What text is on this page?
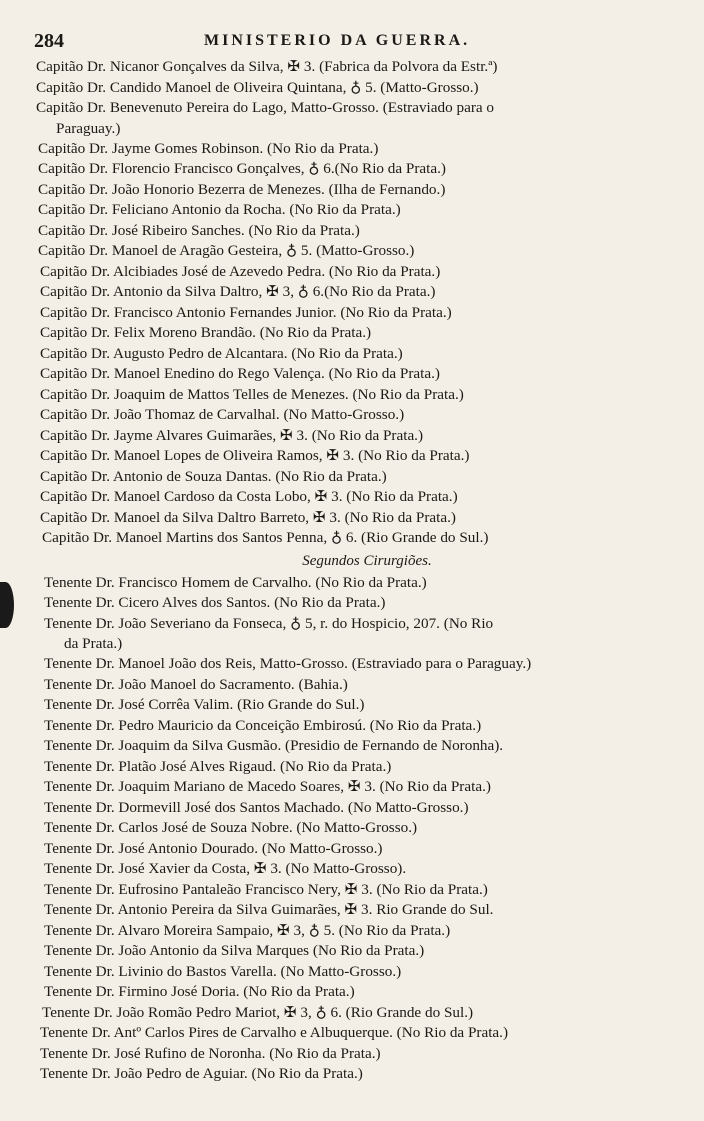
284	MINISTERIO DA GUERRA.
Capitão Dr. Nicanor Gonçalves da Silva, ✠ 3. (Fabrica da Polvora da Estr.ª)
Capitão Dr. Candido Manoel de Oliveira Quintana, ♁ 5. (Matto-Grosso.)
Capitão Dr. Benevenuto Pereira do Lago, Matto-Grosso. (Estraviado para o
Paraguay.)
Capitão Dr. Jayme Gomes Robinson. (No Rio da Prata.)
Capitão Dr. Florencio Francisco Gonçalves, ♁ 6.(No Rio da Prata.)
Capitão Dr. João Honorio Bezerra de Menezes. (Ilha de Fernando.)
Capitão Dr. Feliciano Antonio da Rocha. (No Rio da Prata.)
Capitão Dr. José Ribeiro Sanches. (No Rio da Prata.)
Capitão Dr. Manoel de Aragão Gesteira, ♁ 5. (Matto-Grosso.)
Capitão Dr. Alcibiades José de Azevedo Pedra. (No Rio da Prata.)
Capitão Dr. Antonio da Silva Daltro, ✠ 3, ♁ 6.(No Rio da Prata.)
Capitão Dr. Francisco Antonio Fernandes Junior. (No Rio da Prata.)
Capitão Dr. Felix Moreno Brandão. (No Rio da Prata.)
Capitão Dr. Augusto Pedro de Alcantara. (No Rio da Prata.)
Capitão Dr. Manoel Enedino do Rego Valença. (No Rio da Prata.)
Capitão Dr. Joaquim de Mattos Telles de Menezes. (No Rio da Prata.)
Capitão Dr. João Thomaz de Carvalhal. (No Matto-Grosso.)
Capitão Dr. Jayme Alvares Guimarães, ✠ 3. (No Rio da Prata.)
Capitão Dr. Manoel Lopes de Oliveira Ramos, ✠ 3. (No Rio da Prata.)
Capitão Dr. Antonio de Souza Dantas. (No Rio da Prata.)
Capitão Dr. Manoel Cardoso da Costa Lobo, ✠ 3. (No Rio da Prata.)
Capitão Dr. Manoel da Silva Daltro Barreto, ✠ 3. (No Rio da Prata.)
Capitão Dr. Manoel Martins dos Santos Penna, ♁ 6. (Rio Grande do Sul.)
Segundos Cirurgiões.
Tenente Dr. Francisco Homem de Carvalho. (No Rio da Prata.)
Tenente Dr. Cicero Alves dos Santos. (No Rio da Prata.)
Tenente Dr. João Severiano da Fonseca, ♁ 5, r. do Hospicio, 207. (No Rio
da Prata.)
Tenente Dr. Manoel João dos Reis, Matto-Grosso. (Estraviado para o Paraguay.)
Tenente Dr. João Manoel do Sacramento. (Bahia.)
Tenente Dr. José Corrêa Valim. (Rio Grande do Sul.)
Tenente Dr. Pedro Mauricio da Conceição Embirosú. (No Rio da Prata.)
Tenente Dr. Joaquim da Silva Gusmão. (Presidio de Fernando de Noronha).
Tenente Dr. Platão José Alves Rigaud. (No Rio da Prata.)
Tenente Dr. Joaquim Mariano de Macedo Soares, ✠ 3. (No Rio da Prata.)
Tenente Dr. Dormevill José dos Santos Machado. (No Matto-Grosso.)
Tenente Dr. Carlos José de Souza Nobre. (No Matto-Grosso.)
Tenente Dr. José Antonio Dourado. (No Matto-Grosso.)
Tenente Dr. José Xavier da Costa, ✠ 3. (No Matto-Grosso).
Tenente Dr. Eufrosino Pantaleão Francisco Nery, ✠ 3. (No Rio da Prata.)
Tenente Dr. Antonio Pereira da Silva Guimarães, ✠ 3. Rio Grande do Sul.
Tenente Dr. Alvaro Moreira Sampaio, ✠ 3, ♁ 5. (No Rio da Prata.)
Tenente Dr. João Antonio da Silva Marques (No Rio da Prata.)
Tenente Dr. Livinio do Bastos Varella. (No Matto-Grosso.)
Tenente Dr. Firmino José Doria. (No Rio da Prata.)
Tenente Dr. João Romão Pedro Mariot, ✠ 3, ♁ 6. (Rio Grande do Sul.)
Tenente Dr. Antº Carlos Pires de Carvalho e Albuquerque. (No Rio da Prata.)
Tenente Dr. José Rufino de Noronha. (No Rio da Prata.)
Tenente Dr. João Pedro de Aguiar. (No Rio da Prata.)
